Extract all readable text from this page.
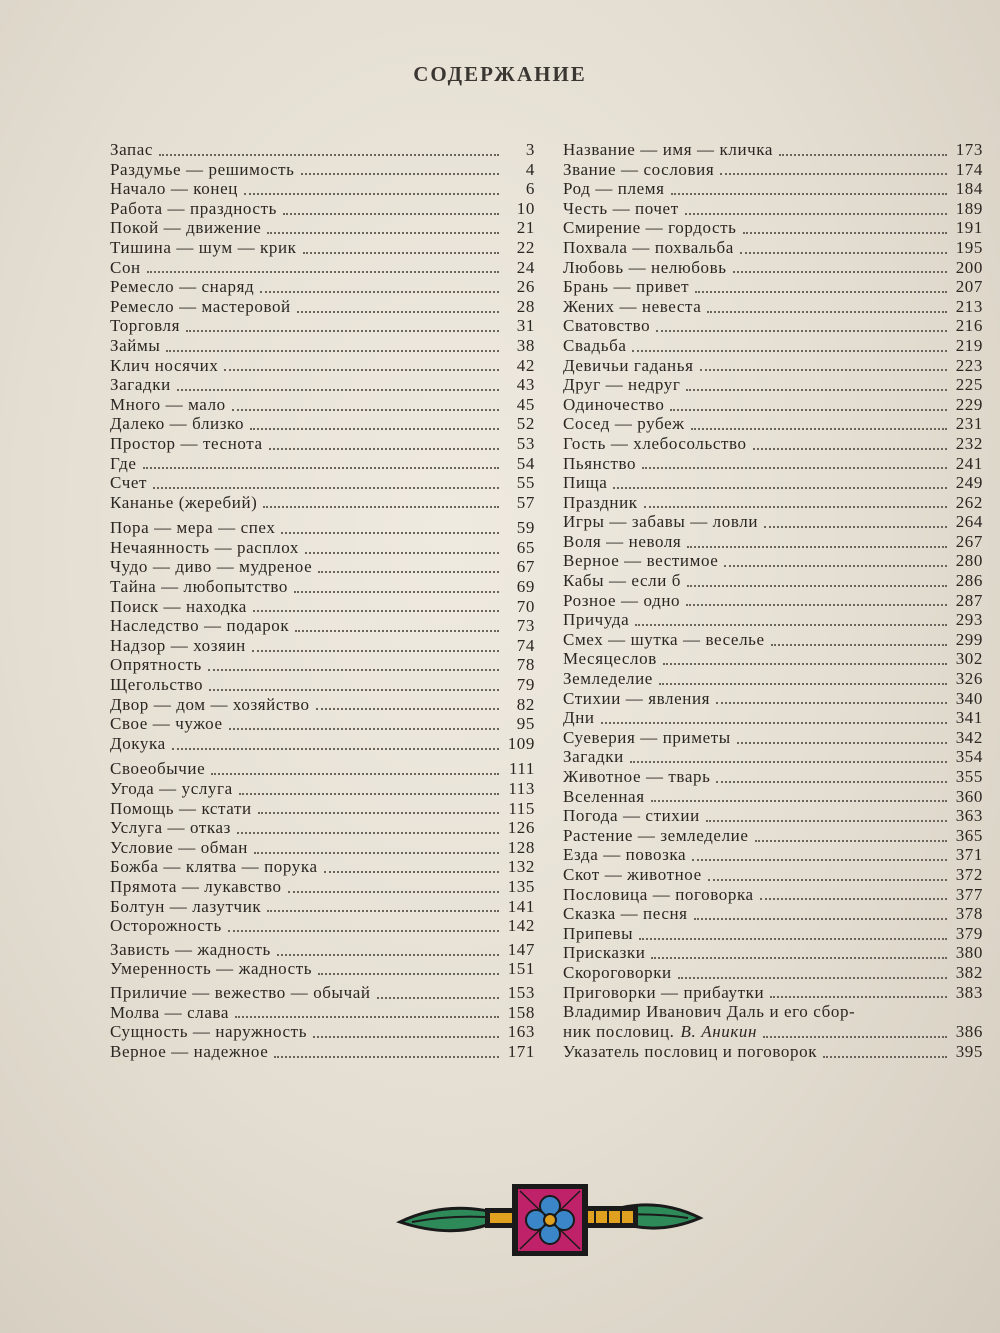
СОДЕРЖАНИЕ
Запас	3
Раздумье — решимость	4
Начало — конец	6
Работа — праздность	10
Покой — движение	21
Тишина — шум — крик	22
Сон	24
Ремесло — снаряд	26
Ремесло — мастеровой	28
Торговля	31
Займы	38
Клич носячих	42
Загадки	43
Много — мало	45
Далеко — близко	52
Простор — теснота	53
Где	54
Счет	55
Кананье (жеребий)	57
Пора — мера — спех	59
Нечаянность — расплох	65
Чудо — диво — мудреное	67
Тайна — любопытство	69
Поиск — находка	70
Наследство — подарок	73
Надзор — хозяин	74
Опрятность	78
Щегольство	79
Двор — дом — хозяйство	82
Свое — чужое	95
Докука	109
Своеобычие	111
Угода — услуга	113
Помощь — кстати	115
Услуга — отказ	126
Условие — обман	128
Божба — клятва — порука	132
Прямота — лукавство	135
Болтун — лазутчик	141
Осторожность	142
Зависть — жадность	147
Умеренность — жадность	151
Приличие — вежество — обычай	153
Молва — слава	158
Сущность — наружность	163
Верное — надежное	171
Название — имя — кличка	173
Звание — сословия	174
Род — племя	184
Честь — почет	189
Смирение — гордость	191
Похвала — похвальба	195
Любовь — нелюбовь	200
Брань — привет	207
Жених — невеста	213
Сватовство	216
Свадьба	219
Девичьи гаданья	223
Друг — недруг	225
Одиночество	229
Сосед — рубеж	231
Гость — хлебосольство	232
Пьянство	241
Пища	249
Праздник	262
Игры — забавы — ловли	264
Воля — неволя	267
Верное — вестимое	280
Кабы — если б	286
Розное — одно	287
Причуда	293
Смех — шутка — веселье	299
Месяцеслов	302
Земледелие	326
Стихии — явления	340
Дни	341
Суеверия — приметы	342
Загадки	354
Животное — тварь	355
Вселенная	360
Погода — стихии	363
Растение — земледелие	365
Езда — повозка	371
Скот — животное	372
Пословица — поговорка	377
Сказка — песня	378
Припевы	379
Присказки	380
Скороговорки	382
Приговорки — прибаутки	383
Владимир Иванович Даль и его сбор-
ник пословиц. В. Аникин	386
Указатель пословиц и поговорок	395
